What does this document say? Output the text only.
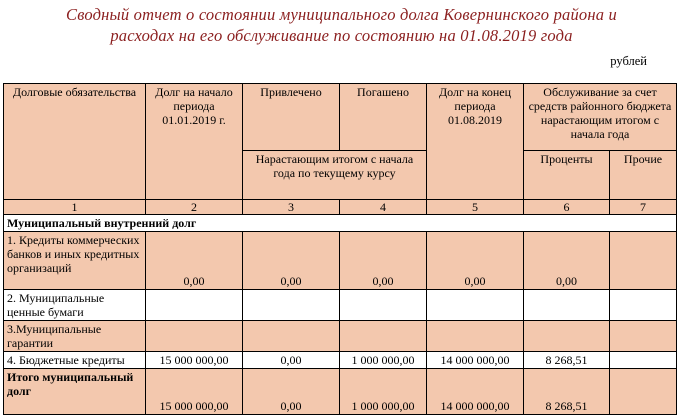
Сводный отчет о состоянии муниципального долга Ковернинского района и
расходах на его обслуживание по состоянию на 01.08.2019 года
рублей
Долговые обязательства	Долг на начало периода 01.01.2019 г.	Привлечено	Погашено	Долг на конец периода 01.08.2019	Обслуживание за счет средств районного бюджета нарастающим итогом с начала года	
		Нарастающим итогом с начала года по текущему курсу			Проценты	Прочие
1	2	3	4	5	6	7
Муниципальный внутренний долг						
1. Кредиты коммерческих банков и иных кредитных организаций	0,00	0,00	0,00	0,00	0,00	
2. Муниципальные ценные бумаги						
3.Муниципальные гарантии						
4. Бюджетные кредиты	15 000 000,00	0,00	1 000 000,00	14 000 000,00	8 268,51	
Итого муниципальный долг	15 000 000,00	0,00	1 000 000,00	14 000 000,00	8 268,51	
